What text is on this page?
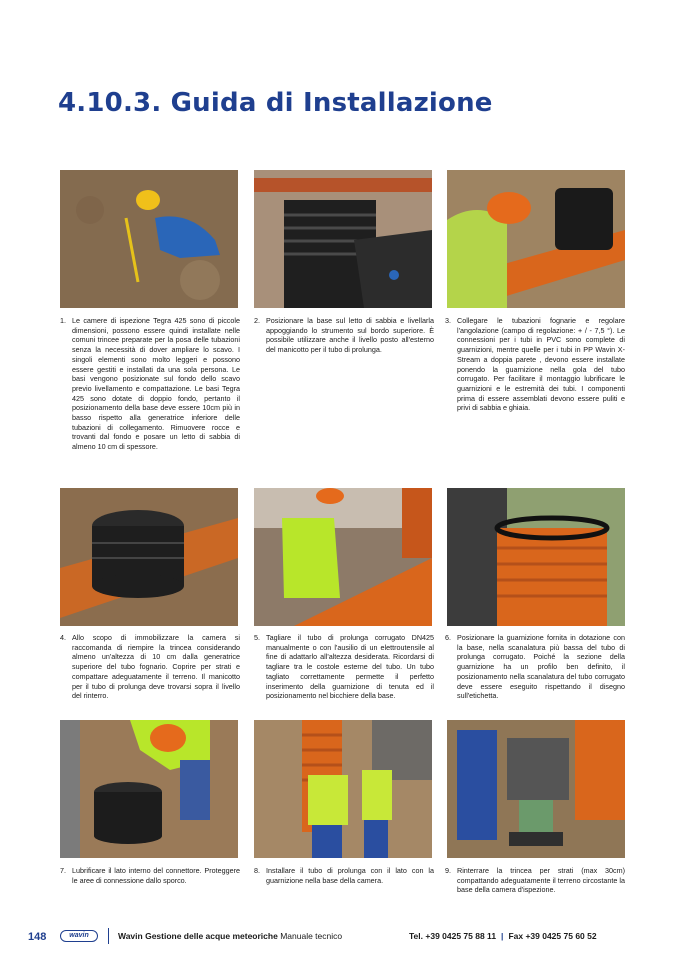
4.10.3. Guida di Installazione
1. Le camere di ispezione Tegra 425 sono di piccole dimensioni, possono essere quindi installate nelle comuni trincee preparate per la posa delle tubazioni senza la necessità di dover ampliare lo scavo. I singoli elementi sono molto leggeri e possono essere gestiti e installati da una sola persona. Le basi vengono posizionate sul fondo dello scavo previo livellamento e compattazione. Le basi Tegra 425 sono dotate di doppio fondo, pertanto il posizionamento della base deve essere 10cm più in basso rispetto alla generatrice inferiore delle tubazioni di collegamento. Rimuovere rocce e trovanti dal fondo e posare un letto di sabbia di almeno 10 cm di spessore.
2. Posizionare la base sul letto di sabbia e livellarla appoggiando lo strumento sul bordo superiore. È possibile utilizzare anche il livello posto all'esterno del manicotto per il tubo di prolunga.
3. Collegare le tubazioni fognarie e regolare l'angolazione (campo di regolazione: + / - 7,5 °). Le connessioni per i tubi in PVC sono complete di guarnizioni, mentre quelle per i tubi in PP Wavin X-Stream a doppia parete , devono essere installate ponendo la guarnizione nella gola del tubo corrugato. Per facilitare il montaggio lubrificare le guarnizioni e le estremità dei tubi. I componenti prima di essere assemblati devono essere puliti e privi di sabbia e ghiaia.
4. Allo scopo di immobilizzare la camera si raccomanda di riempire la trincea considerando almeno un'altezza di 10 cm dalla generatrice superiore del tubo fognario. Coprire per strati e compattare adeguatamente il terreno. Il manicotto per il tubo di prolunga deve trovarsi sopra il livello del rinterro.
5. Tagliare il tubo di prolunga corrugato DN425 manualmente o con l'ausilio di un elettroutensile al fine di adattarlo all'altezza desiderata. Ricordarsi di tagliare tra le costole esterne del tubo. Un tubo tagliato correttamente permette il perfetto inserimento della guarnizione di tenuta ed il posizionamento nel bicchiere della base.
6. Posizionare la guarnizione fornita in dotazione con la base, nella scanalatura più bassa del tubo di prolunga corrugato. Poiché la sezione della guarnizione ha un profilo ben definito, il posizionamento nella scanalatura del tubo corrugato deve essere eseguito rispettando il disegno sull'etichetta.
7. Lubrificare il lato interno del connettore. Proteggere le aree di connessione dallo sporco.
8. Installare il tubo di prolunga con il lato con la guarnizione nella base della camera.
9. Rinterrare la trincea per strati (max 30cm) compattando adeguatamente il terreno circostante la base della camera d'ispezione.
148	wavin	Wavin Gestione delle acque meteoriche Manuale tecnico	Tel. +39 0425 75 88 11 | Fax +39 0425 75 60 52
